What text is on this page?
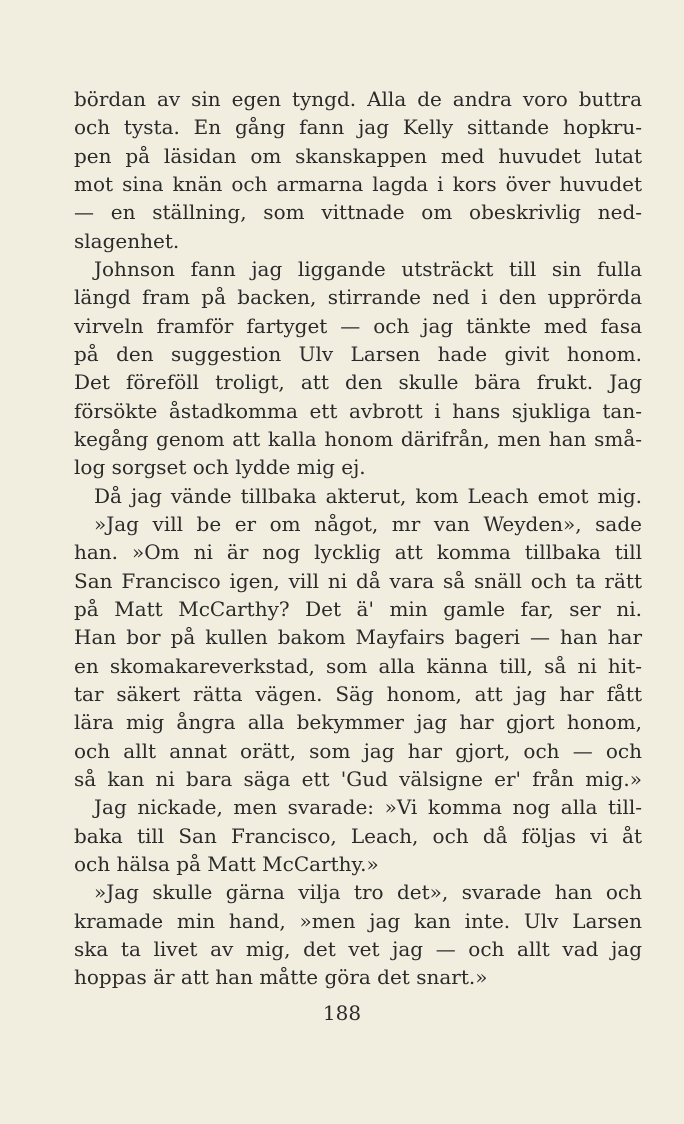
bördan av sin egen tyngd. Alla de andra voro buttra
och tysta. En gång fann jag Kelly sittande hopkru-
pen på läsidan om skanskappen med huvudet lutat
mot sina knän och armarna lagda i kors över huvudet
— en ställning, som vittnade om obeskrivlig ned-
slagenhet.
Johnson fann jag liggande utsträckt till sin fulla
längd fram på backen, stirrande ned i den upprörda
virveln framför fartyget — och jag tänkte med fasa
på den suggestion Ulv Larsen hade givit honom.
Det föreföll troligt, att den skulle bära frukt. Jag
försökte åstadkomma ett avbrott i hans sjukliga tan-
kegång genom att kalla honom därifrån, men han små-
log sorgset och lydde mig ej.
Då jag vände tillbaka akterut, kom Leach emot mig.
»Jag vill be er om något, mr van Weyden», sade
han. »Om ni är nog lycklig att komma tillbaka till
San Francisco igen, vill ni då vara så snäll och ta rätt
på Matt McCarthy? Det ä' min gamle far, ser ni.
Han bor på kullen bakom Mayfairs bageri — han har
en skomakareverkstad, som alla känna till, så ni hit-
tar säkert rätta vägen. Säg honom, att jag har fått
lära mig ångra alla bekymmer jag har gjort honom,
och allt annat orätt, som jag har gjort, och — och
så kan ni bara säga ett 'Gud välsigne er' från mig.»
Jag nickade, men svarade: »Vi komma nog alla till-
baka till San Francisco, Leach, och då följas vi åt
och hälsa på Matt McCarthy.»
»Jag skulle gärna vilja tro det», svarade han och
kramade min hand, »men jag kan inte. Ulv Larsen
ska ta livet av mig, det vet jag — och allt vad jag
hoppas är att han måtte göra det snart.»
188
